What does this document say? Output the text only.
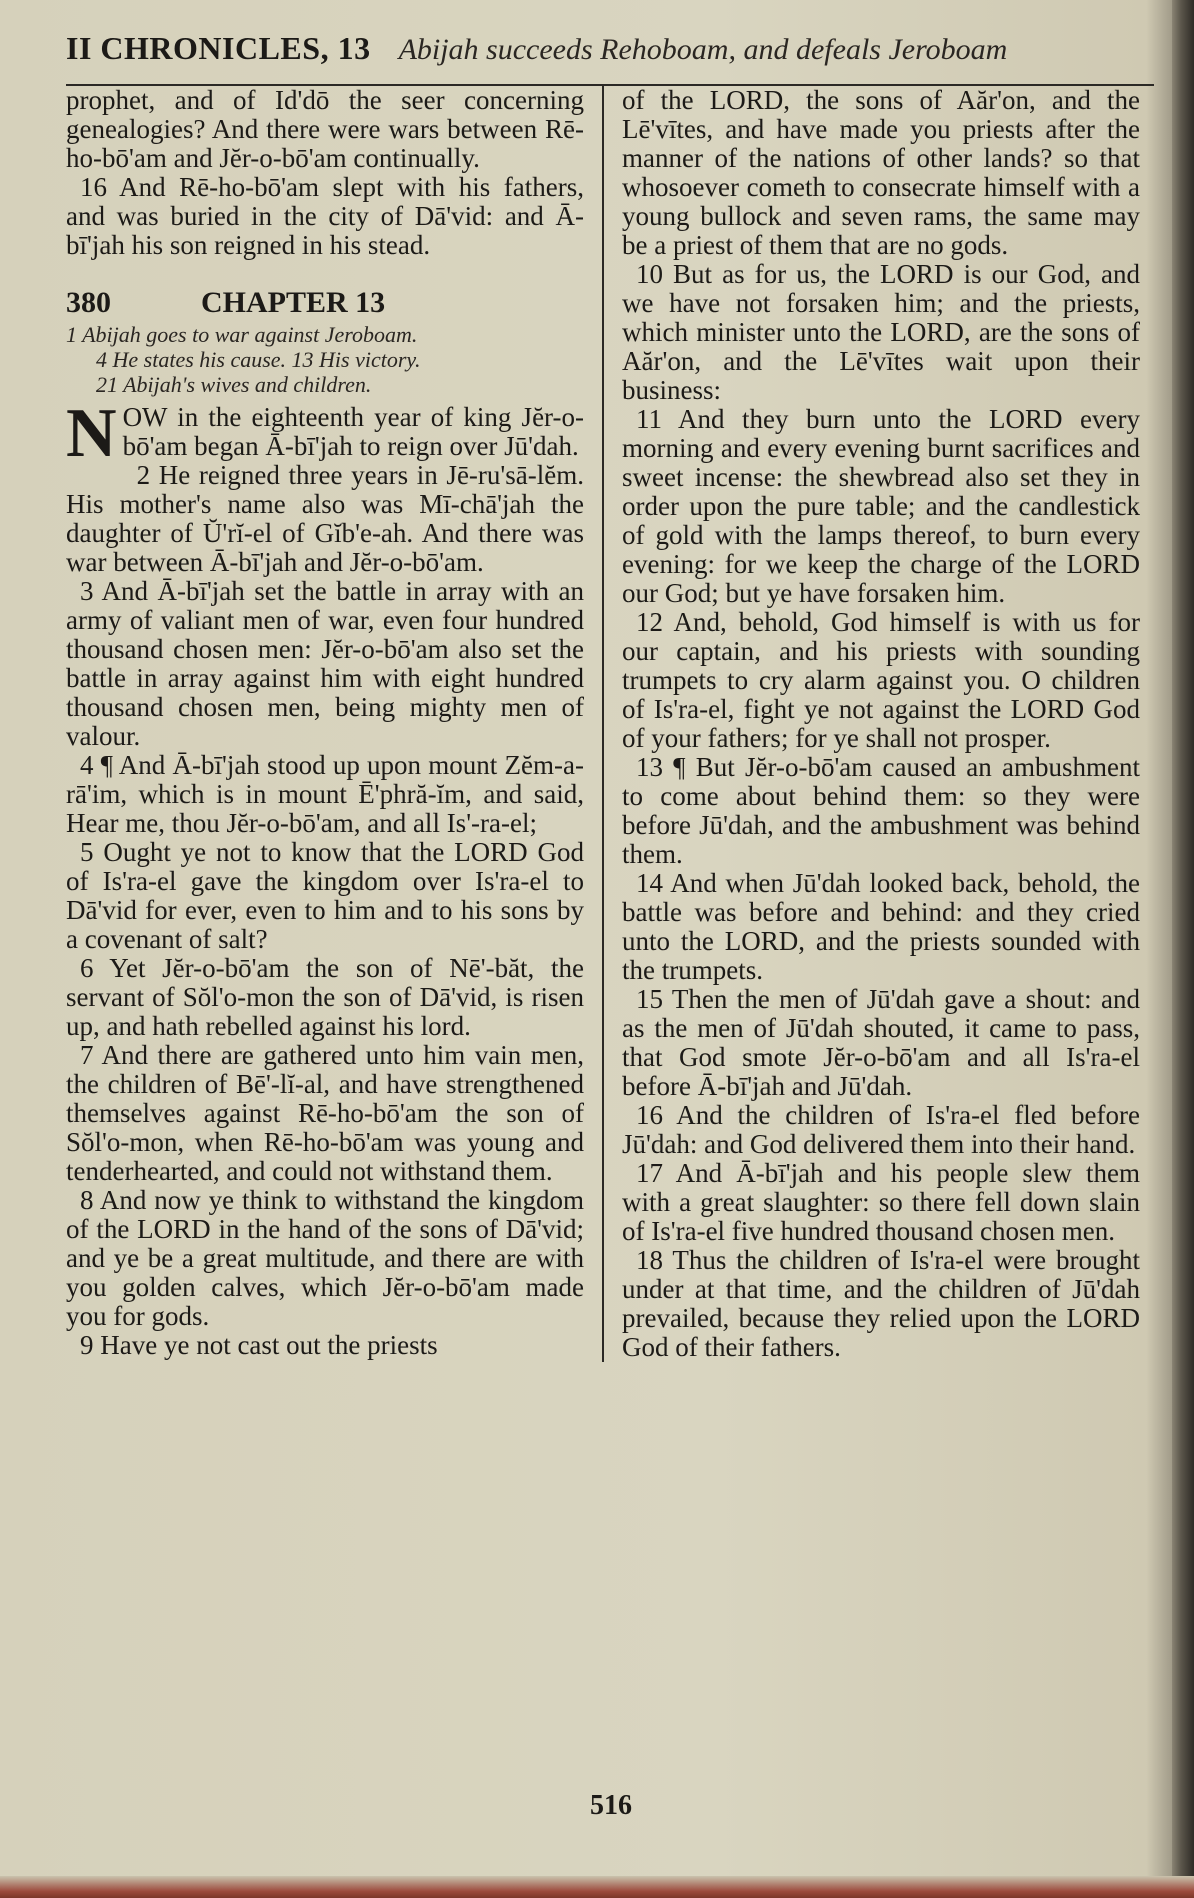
II CHRONICLES, 13 Abijah succeeds Rehoboam, and defeals Jeroboam

prophet, and of Id'dō the seer concerning genealogies? And there were wars between Rē-ho-bō'am and Jĕr-o-bō'am continually.

16 And Rē-ho-bō'am slept with his fathers, and was buried in the city of Dā'vid: and Ā-bī'jah his son reigned in his stead.

380	CHAPTER 13
1 Abijah goes to war against Jeroboam.
4 He states his cause. 13 His victory.
21 Abijah's wives and children.

NOW in the eighteenth year of king Jĕr-o-bō'am began Ā-bī'jah to reign over Jū'dah.

2 He reigned three years in Jē-ru'sā-lĕm. His mother's name also was Mī-chā'jah the daughter of Ŭ'rĭ-el of Gĭb'e-ah. And there was war between Ā-bī'jah and Jĕr-o-bō'am.

3 And Ā-bī'jah set the battle in array with an army of valiant men of war, even four hundred thousand chosen men: Jĕr-o-bō'am also set the battle in array against him with eight hundred thousand chosen men, being mighty men of valour.

4 ¶ And Ā-bī'jah stood up upon mount Zĕm-a-rā'im, which is in mount Ē'phră-ĭm, and said, Hear me, thou Jĕr-o-bō'am, and all Is'-ra-el;

5 Ought ye not to know that the LORD God of Is'ra-el gave the kingdom over Is'ra-el to Dā'vid for ever, even to him and to his sons by a covenant of salt?

6 Yet Jĕr-o-bō'am the son of Nē'-băt, the servant of Sŏl'o-mon the son of Dā'vid, is risen up, and hath rebelled against his lord.

7 And there are gathered unto him vain men, the children of Bē'-lĭ-al, and have strengthened themselves against Rē-ho-bō'am the son of Sŏl'o-mon, when Rē-ho-bō'am was young and tenderhearted, and could not withstand them.

8 And now ye think to withstand the kingdom of the LORD in the hand of the sons of Dā'vid; and ye be a great multitude, and there are with you golden calves, which Jĕr-o-bō'am made you for gods.

9 Have ye not cast out the priests

of the LORD, the sons of Aăr'on, and the Lē'vītes, and have made you priests after the manner of the nations of other lands? so that whosoever cometh to consecrate himself with a young bullock and seven rams, the same may be a priest of them that are no gods.

10 But as for us, the LORD is our God, and we have not forsaken him; and the priests, which minister unto the LORD, are the sons of Aăr'on, and the Lē'vītes wait upon their business:

11 And they burn unto the LORD every morning and every evening burnt sacrifices and sweet incense: the shewbread also set they in order upon the pure table; and the candlestick of gold with the lamps thereof, to burn every evening: for we keep the charge of the LORD our God; but ye have forsaken him.

12 And, behold, God himself is with us for our captain, and his priests with sounding trumpets to cry alarm against you. O children of Is'ra-el, fight ye not against the LORD God of your fathers; for ye shall not prosper.

13 ¶ But Jĕr-o-bō'am caused an ambushment to come about behind them: so they were before Jū'dah, and the ambushment was behind them.

14 And when Jū'dah looked back, behold, the battle was before and behind: and they cried unto the LORD, and the priests sounded with the trumpets.

15 Then the men of Jū'dah gave a shout: and as the men of Jū'dah shouted, it came to pass, that God smote Jĕr-o-bō'am and all Is'ra-el before Ā-bī'jah and Jū'dah.

16 And the children of Is'ra-el fled before Jū'dah: and God delivered them into their hand.

17 And Ā-bī'jah and his people slew them with a great slaughter: so there fell down slain of Is'ra-el five hundred thousand chosen men.

18 Thus the children of Is'ra-el were brought under at that time, and the children of Jū'dah prevailed, because they relied upon the LORD God of their fathers.

516
